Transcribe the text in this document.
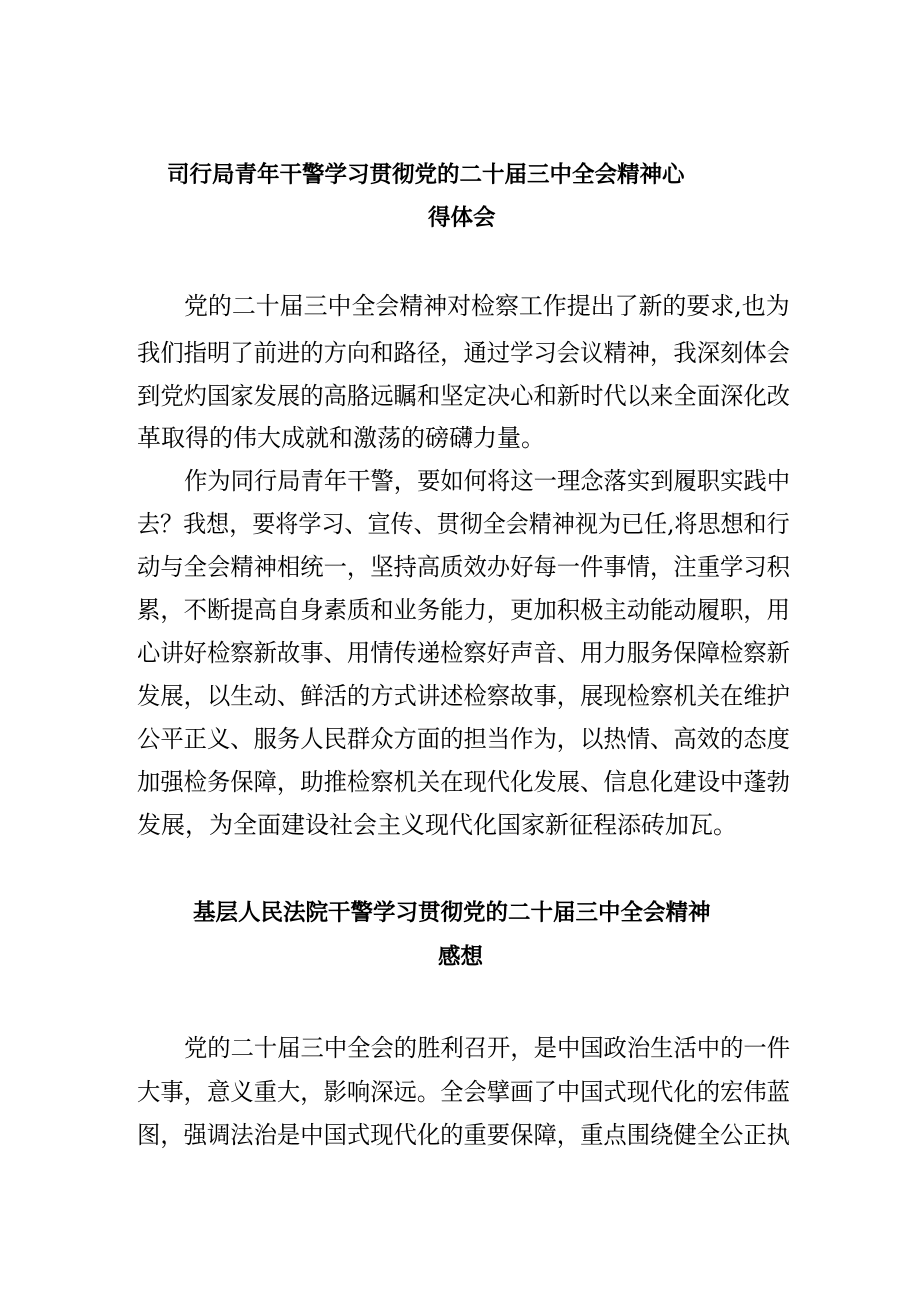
司行局青年干警学习贯彻党的二十届三中全会精神心
得体会
党的二十届三中全会精神对检察工作提出了新的要求,也为
我们指明了前进的方向和路径，通过学习会议精神，我深刻体会
到党灼国家发展的高胳远瞩和坚定决心和新时代以来全面深化改
革取得的伟大成就和激荡的磅礴力量。
作为同行局青年干警，要如何将这一理念落实到履职实践中
去？我想，要将学习、宣传、贯彻全会精神视为已任,将思想和行
动与全会精神相统一，坚持高质效办好每一件事情，注重学习积
累，不断提高自身素质和业务能力，更加积极主动能动履职，用
心讲好检察新故事、用情传递检察好声音、用力服务保障检察新
发展，以生动、鲜活的方式讲述检察故事，展现检察机关在维护
公平正义、服务人民群众方面的担当作为，以热情、高效的态度
加强检务保障，助推检察机关在现代化发展、信息化建设中蓬勃
发展，为全面建设社会主义现代化国家新征程添砖加瓦。
基层人民法院干警学习贯彻党的二十届三中全会精神
感想
党的二十届三中全会的胜利召开，是中国政治生活中的一件
大事，意义重大，影响深远。全会擘画了中国式现代化的宏伟蓝
图，强调法治是中国式现代化的重要保障，重点围绕健全公正执
